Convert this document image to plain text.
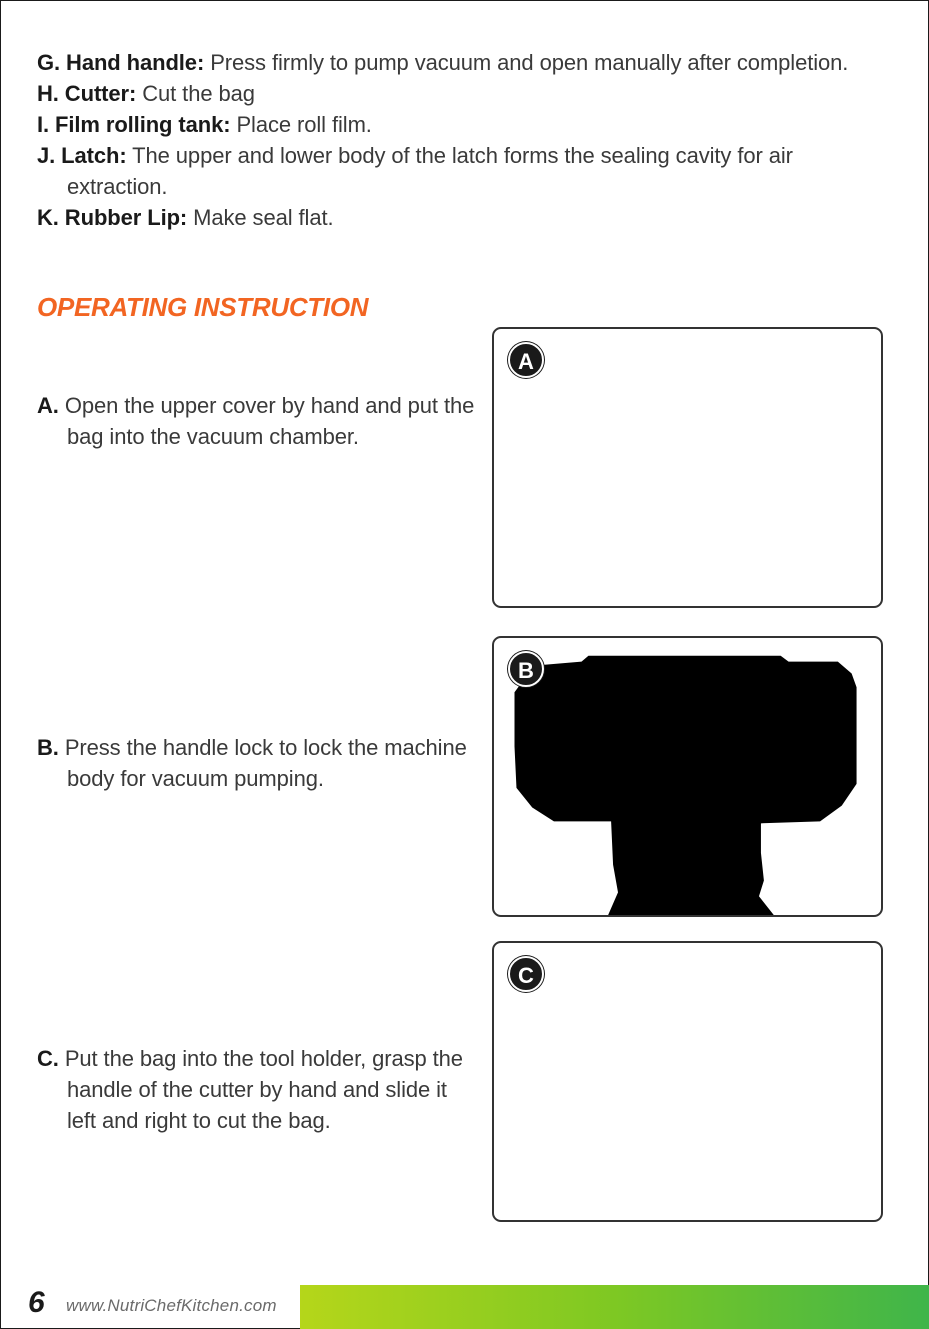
G. Hand handle: Press firmly to pump vacuum and open manually after completion.

H. Cutter: Cut the bag

I. Film rolling tank: Place roll film.

J. Latch: The upper and lower body of the latch forms the sealing cavity for air extraction.

K. Rubber Lip: Make seal flat.

OPERATING INSTRUCTION

A. Open the upper cover by hand and put the bag into the vacuum chamber.

A

B. Press the handle lock to lock the machine body for vacuum pumping.

B

C. Put the bag into the tool holder, grasp the handle of the cutter by hand and slide it left and right to cut the bag.

C
6 www.NutriChefKitchen.com
